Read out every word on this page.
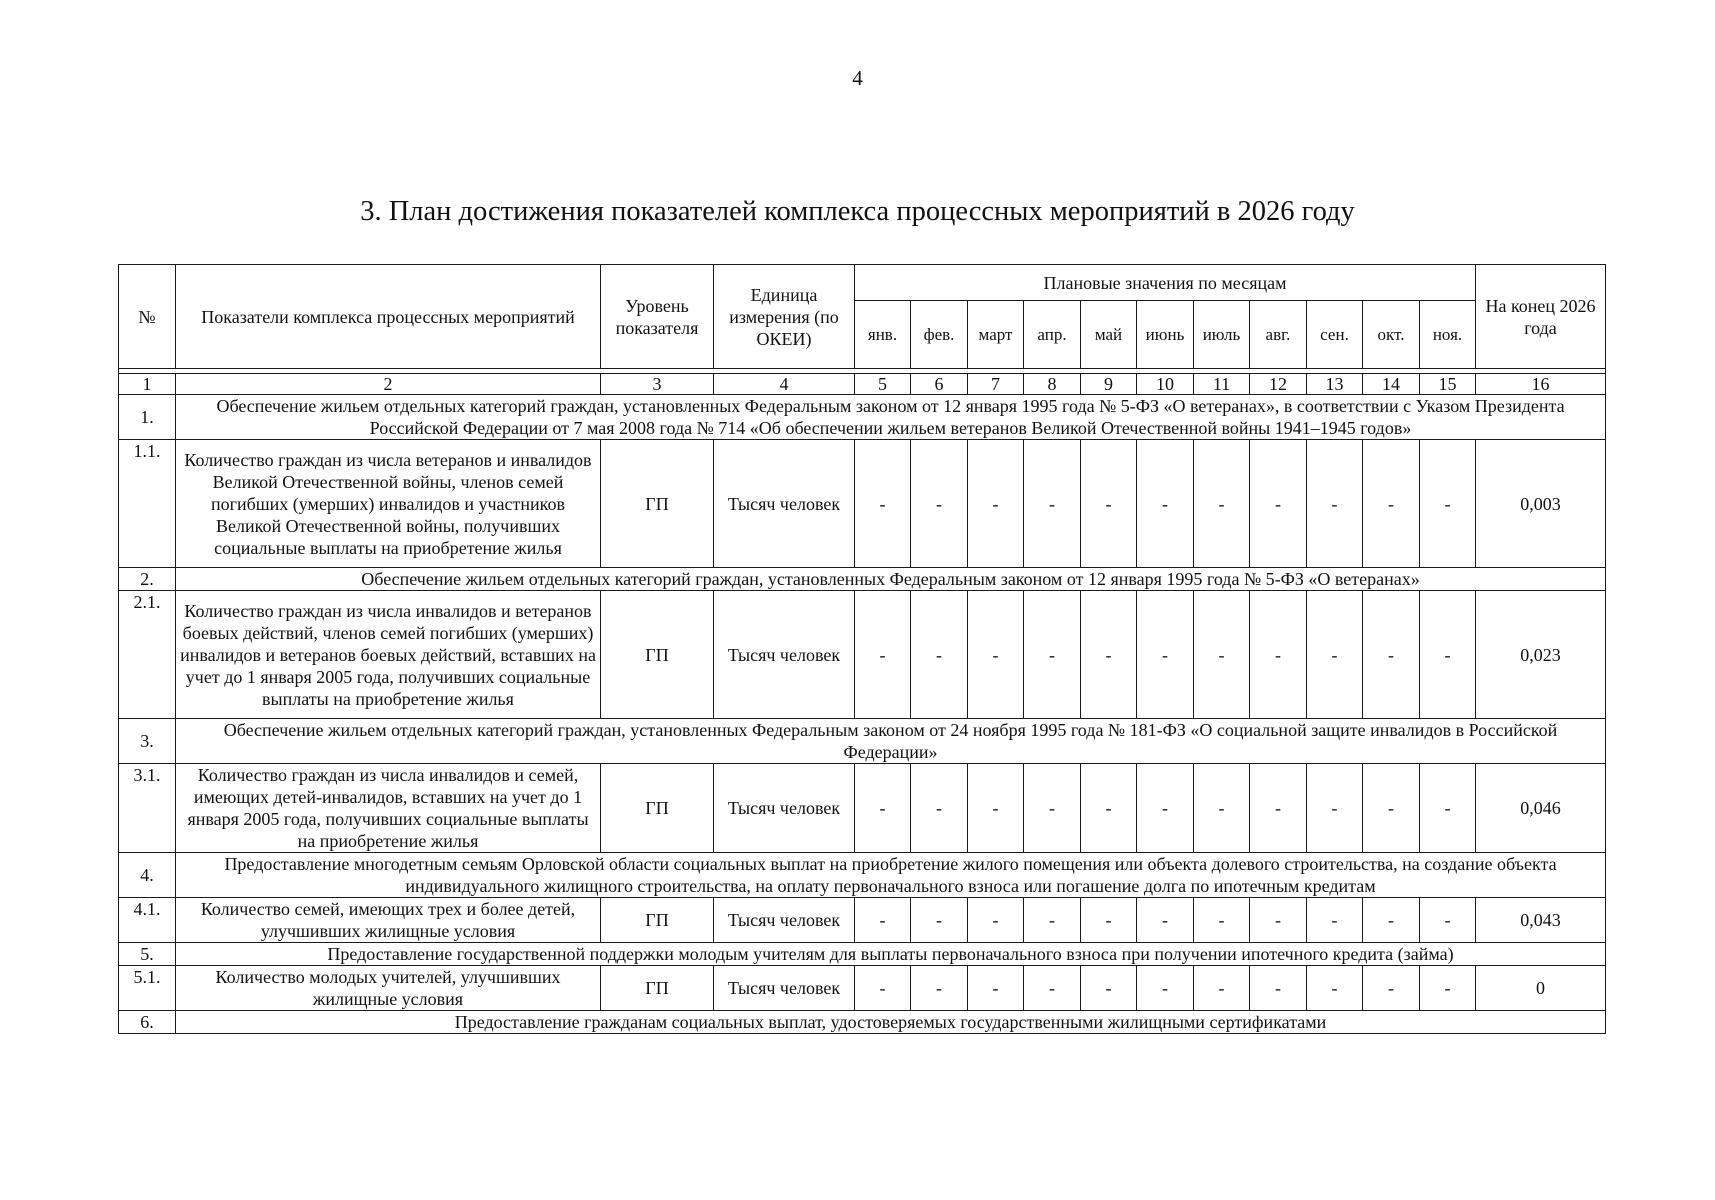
4
3. План достижения показателей комплекса процессных мероприятий в 2026 году
№	Показатели комплекса процессных мероприятий	Уровень показателя	Единица измерения (по ОКЕИ)	Плановые значения по месяцам											На конец 2026 года
				янв.	фев.	март	апр.	май	июнь	июль	авг.	сен.	окт.	ноя.	

1	2	3	4	5	6	7	8	9	10	11	12	13	14	15	16
1.	Обеспечение жильем отдельных категорий граждан, установленных Федеральным законом от 12 января 1995 года № 5-ФЗ «О ветеранах», в соответствии с Указом Президента Российской Федерации от 7 мая 2008 года № 714 «Об обеспечении жильем ветеранов Великой Отечественной войны 1941–1945 годов»														
1.1.	Количество граждан из числа ветеранов и инвалидов Великой Отечественной войны, членов семей погибших (умерших) инвалидов и участников Великой Отечественной войны, получивших социальные выплаты на приобретение жилья	ГП	Тысяч человек	-	-	-	-	-	-	-	-	-	-	-	0,003
2.	Обеспечение жильем отдельных категорий граждан, установленных Федеральным законом от 12 января 1995 года № 5-ФЗ «О ветеранах»														
2.1.	Количество граждан из числа инвалидов и ветеранов боевых действий, членов семей погибших (умерших) инвалидов и ветеранов боевых действий, вставших на учет до 1 января 2005 года, получивших социальные выплаты на приобретение жилья	ГП	Тысяч человек	-	-	-	-	-	-	-	-	-	-	-	0,023
3.	Обеспечение жильем отдельных категорий граждан, установленных Федеральным законом от 24 ноября 1995 года № 181-ФЗ «О социальной защите инвалидов в Российской Федерации»														
3.1.	Количество граждан из числа инвалидов и семей, имеющих детей-инвалидов, вставших на учет до 1 января 2005 года, получивших социальные выплаты на приобретение жилья	ГП	Тысяч человек	-	-	-	-	-	-	-	-	-	-	-	0,046
4.	Предоставление многодетным семьям Орловской области социальных выплат на приобретение жилого помещения или объекта долевого строительства, на создание объекта индивидуального жилищного строительства, на оплату первоначального взноса или погашение долга по ипотечным кредитам														
4.1.	Количество семей, имеющих трех и более детей, улучшивших жилищные условия	ГП	Тысяч человек	-	-	-	-	-	-	-	-	-	-	-	0,043
5.	Предоставление государственной поддержки молодым учителям для выплаты первоначального взноса при получении ипотечного кредита (займа)														
5.1.	Количество молодых учителей, улучшивших жилищные условия	ГП	Тысяч человек	-	-	-	-	-	-	-	-	-	-	-	0
6.	Предоставление гражданам социальных выплат, удостоверяемых государственными жилищными сертификатами														
